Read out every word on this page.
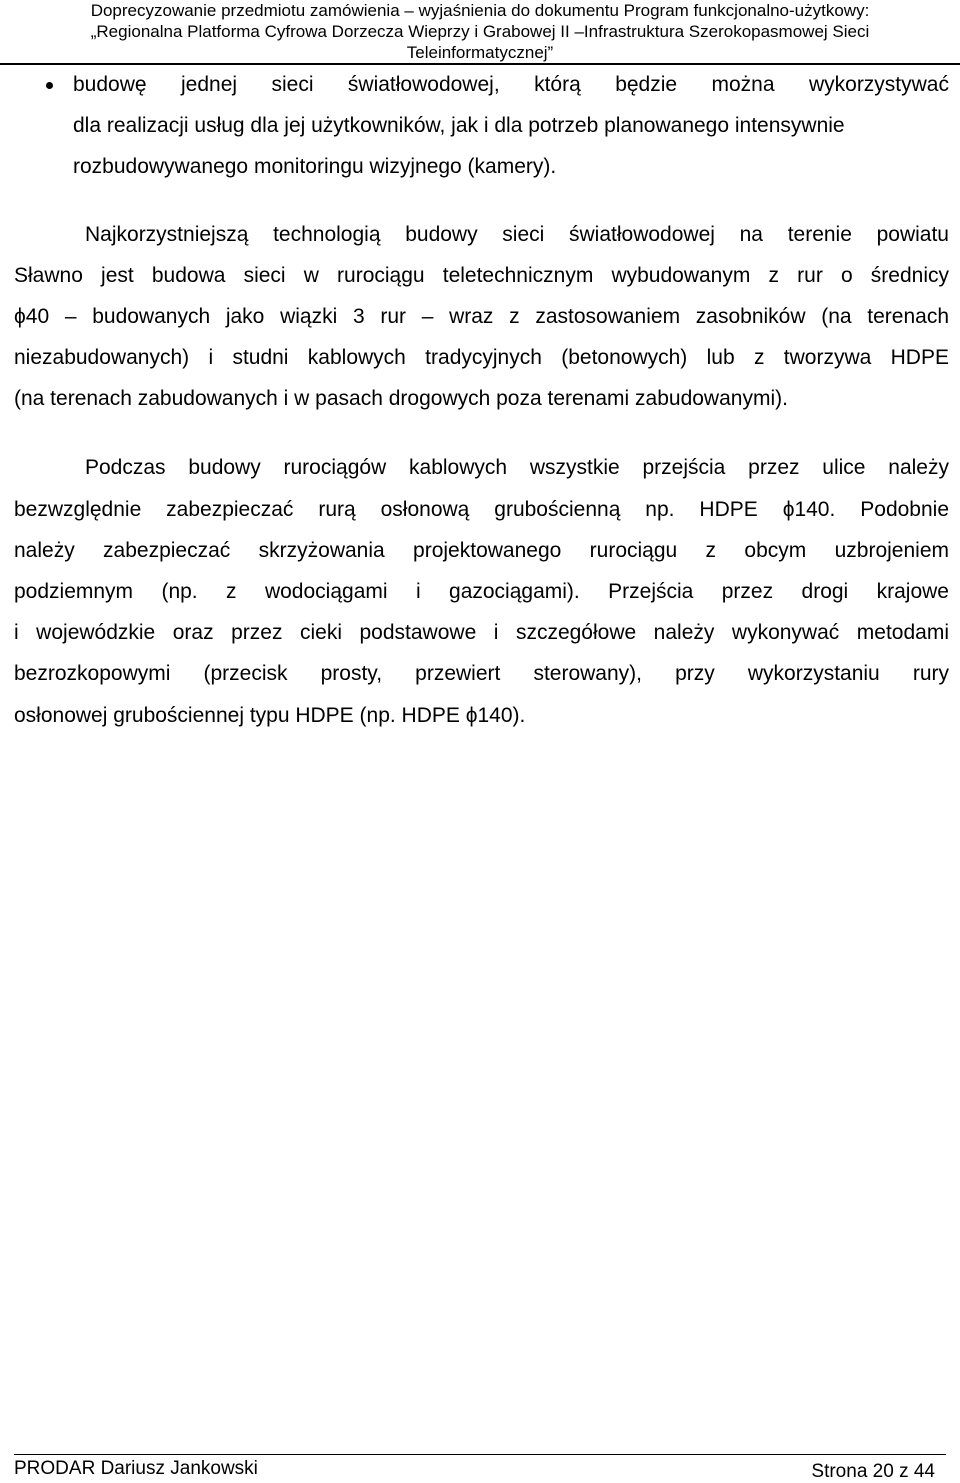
Doprecyzowanie przedmiotu zamówienia – wyjaśnienia do dokumentu Program funkcjonalno-użytkowy:
„Regionalna Platforma Cyfrowa Dorzecza Wieprzy i Grabowej II –Infrastruktura Szerokopasmowej Sieci
Teleinformatycznej”
budowę jednej sieci światłowodowej, którą będzie można wykorzystywać
dla realizacji usług dla jej użytkowników, jak i dla potrzeb planowanego intensywnie
rozbudowywanego monitoringu wizyjnego (kamery).
Najkorzystniejszą technologią budowy sieci światłowodowej na terenie powiatu
Sławno jest budowa sieci w rurociągu teletechnicznym wybudowanym z rur o średnicy
ϕ40 – budowanych jako wiązki 3 rur – wraz z zastosowaniem zasobników (na terenach
niezabudowanych) i studni kablowych tradycyjnych (betonowych) lub z tworzywa HDPE
(na terenach zabudowanych i w pasach drogowych poza terenami zabudowanymi).
Podczas budowy rurociągów kablowych wszystkie przejścia przez ulice należy
bezwzględnie zabezpieczać rurą osłonową grubościenną np. HDPE ϕ140. Podobnie
należy zabezpieczać skrzyżowania projektowanego rurociągu z obcym uzbrojeniem
podziemnym (np. z wodociągami i gazociągami). Przejścia przez drogi krajowe
i wojewódzkie oraz przez cieki podstawowe i szczegółowe należy wykonywać metodami
bezrozkopowymi (przecisk prosty, przewiert sterowany), przy wykorzystaniu rury
osłonowej grubościennej typu HDPE (np. HDPE ϕ140).
PRODAR Dariusz Jankowski	Strona 20 z 44
